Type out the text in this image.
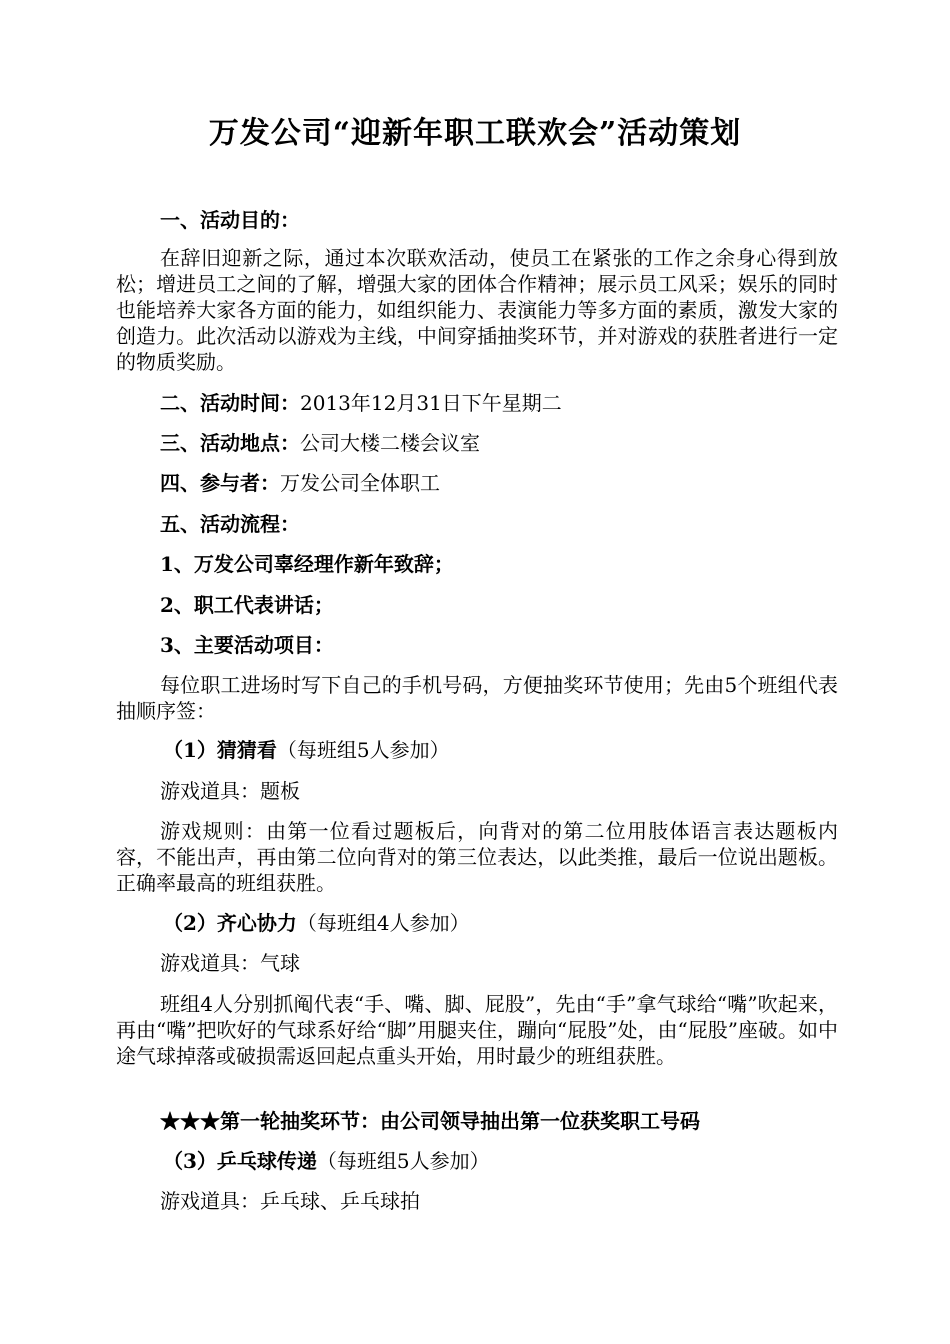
万发公司“迎新年职工联欢会”活动策划
一、活动目的：
在辞旧迎新之际，通过本次联欢活动，使员工在紧张的工作之余身心得到放松；增进员工之间的了解，增强大家的团体合作精神；展示员工风采；娱乐的同时也能培养大家各方面的能力，如组织能力、表演能力等多方面的素质，激发大家的创造力。此次活动以游戏为主线，中间穿插抽奖环节，并对游戏的获胜者进行一定的物质奖励。
二、活动时间：2013年12月31日下午星期二
三、活动地点：公司大楼二楼会议室
四、参与者：万发公司全体职工
五、活动流程：
1、万发公司辜经理作新年致辞；
2、职工代表讲话；
3、主要活动项目：
每位职工进场时写下自己的手机号码，方便抽奖环节使用；先由5个班组代表抽顺序签：
（1）猜猜看（每班组5人参加）
游戏道具：题板
游戏规则：由第一位看过题板后，向背对的第二位用肢体语言表达题板内容，不能出声，再由第二位向背对的第三位表达，以此类推，最后一位说出题板。正确率最高的班组获胜。
（2）齐心协力（每班组4人参加）
游戏道具：气球
班组4人分别抓阄代表“手、嘴、脚、屁股”，先由“手”拿气球给“嘴”吹起来，再由“嘴”把吹好的气球系好给“脚”用腿夹住，蹦向“屁股”处，由“屁股”座破。如中途气球掉落或破损需返回起点重头开始，用时最少的班组获胜。
★★★第一轮抽奖环节：由公司领导抽出第一位获奖职工号码
（3）乒乓球传递（每班组5人参加）
游戏道具：乒乓球、乒乓球拍
